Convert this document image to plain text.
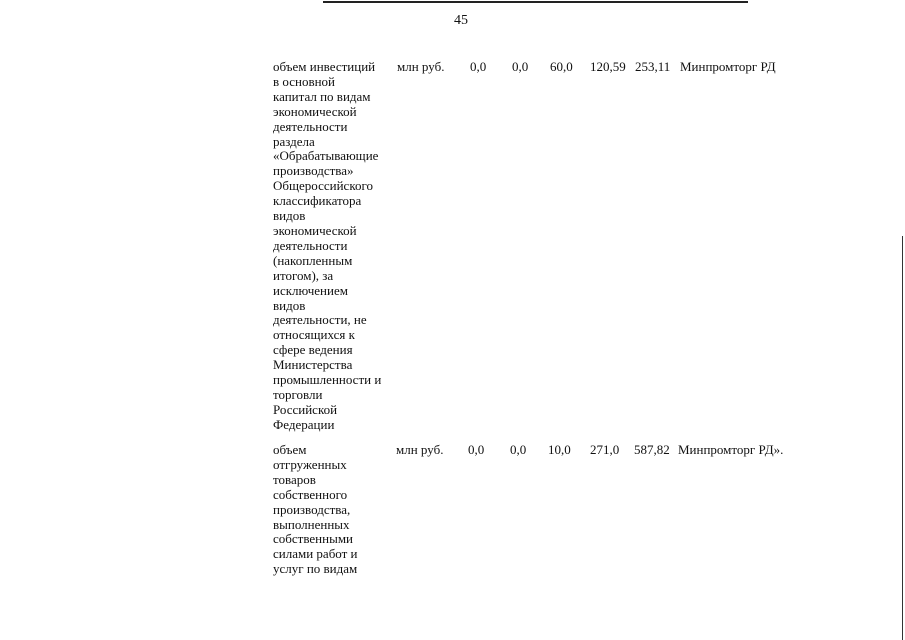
45
объем инвестиций
в основной
капитал по видам
экономической
деятельности
раздела
«Обрабатывающие
производства»
Общероссийского
классификатора
видов
экономической
деятельности
(накопленным
итогом), за
исключением
видов
деятельности, не
относящихся к
сфере ведения
Министерства
промышленности и
торговли
Российской
Федерации
млн руб. 0,0 0,0 60,0 120,59 253,11 Минпромторг РД
объем
отгруженных
товаров
собственного
производства,
выполненных
собственными
силами работ и
услуг по видам
млн руб. 0,0 0,0 10,0 271,0 587,82 Минпромторг РД».
